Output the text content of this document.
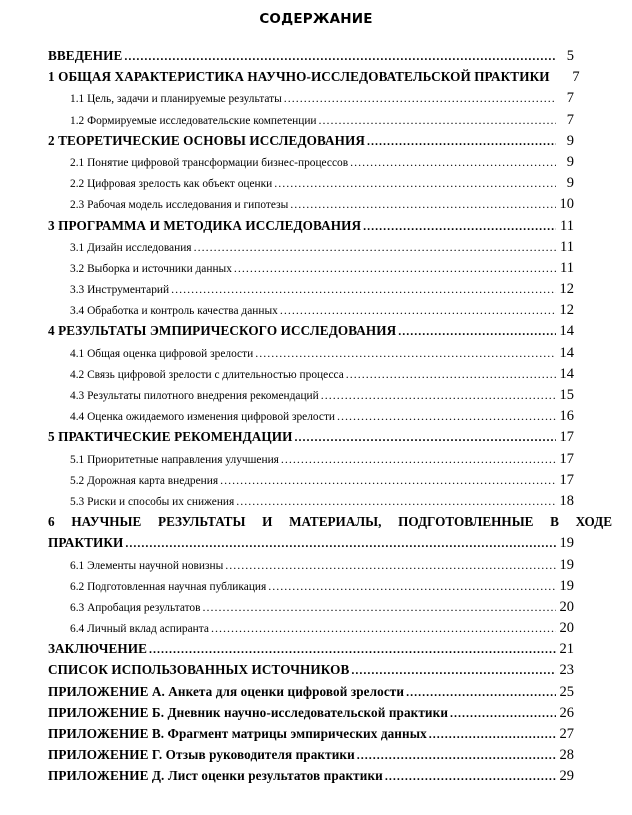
СОДЕРЖАНИЕ
ВВЕДЕНИЕ .....	5
1 ОБЩАЯ ХАРАКТЕРИСТИКА НАУЧНО-ИССЛЕДОВАТЕЛЬСКОЙ ПРАКТИКИ	7
1.1 Цель, задачи и планируемые результаты .....	7
1.2 Формируемые исследовательские компетенции .....	7
2 ТЕОРЕТИЧЕСКИЕ ОСНОВЫ ИССЛЕДОВАНИЯ .....	9
2.1 Понятие цифровой трансформации бизнес-процессов .....	9
2.2 Цифровая зрелость как объект оценки .....	9
2.3 Рабочая модель исследования и гипотезы .....	10
3 ПРОГРАММА И МЕТОДИКА ИССЛЕДОВАНИЯ .....	11
3.1 Дизайн исследования .....	11
3.2 Выборка и источники данных .....	11
3.3 Инструментарий .....	12
3.4 Обработка и контроль качества данных .....	12
4 РЕЗУЛЬТАТЫ ЭМПИРИЧЕСКОГО ИССЛЕДОВАНИЯ .....	14
4.1 Общая оценка цифровой зрелости .....	14
4.2 Связь цифровой зрелости с длительностью процесса .....	14
4.3 Результаты пилотного внедрения рекомендаций .....	15
4.4 Оценка ожидаемого изменения цифровой зрелости .....	16
5 ПРАКТИЧЕСКИЕ РЕКОМЕНДАЦИИ .....	17
5.1 Приоритетные направления улучшения .....	17
5.2 Дорожная карта внедрения .....	17
5.3 Риски и способы их снижения .....	18
6 НАУЧНЫЕ РЕЗУЛЬТАТЫ И МАТЕРИАЛЫ, ПОДГОТОВЛЕННЫЕ В ХОДЕ
ПРАКТИКИ .....	19
6.1 Элементы научной новизны .....	19
6.2 Подготовленная научная публикация .....	19
6.3 Апробация результатов .....	20
6.4 Личный вклад аспиранта .....	20
ЗАКЛЮЧЕНИЕ .....	21
СПИСОК ИСПОЛЬЗОВАННЫХ ИСТОЧНИКОВ .....	23
ПРИЛОЖЕНИЕ А. Анкета для оценки цифровой зрелости .....	25
ПРИЛОЖЕНИЕ Б. Дневник научно-исследовательской практики .....	26
ПРИЛОЖЕНИЕ В. Фрагмент матрицы эмпирических данных .....	27
ПРИЛОЖЕНИЕ Г. Отзыв руководителя практики .....	28
ПРИЛОЖЕНИЕ Д. Лист оценки результатов практики .....	29
